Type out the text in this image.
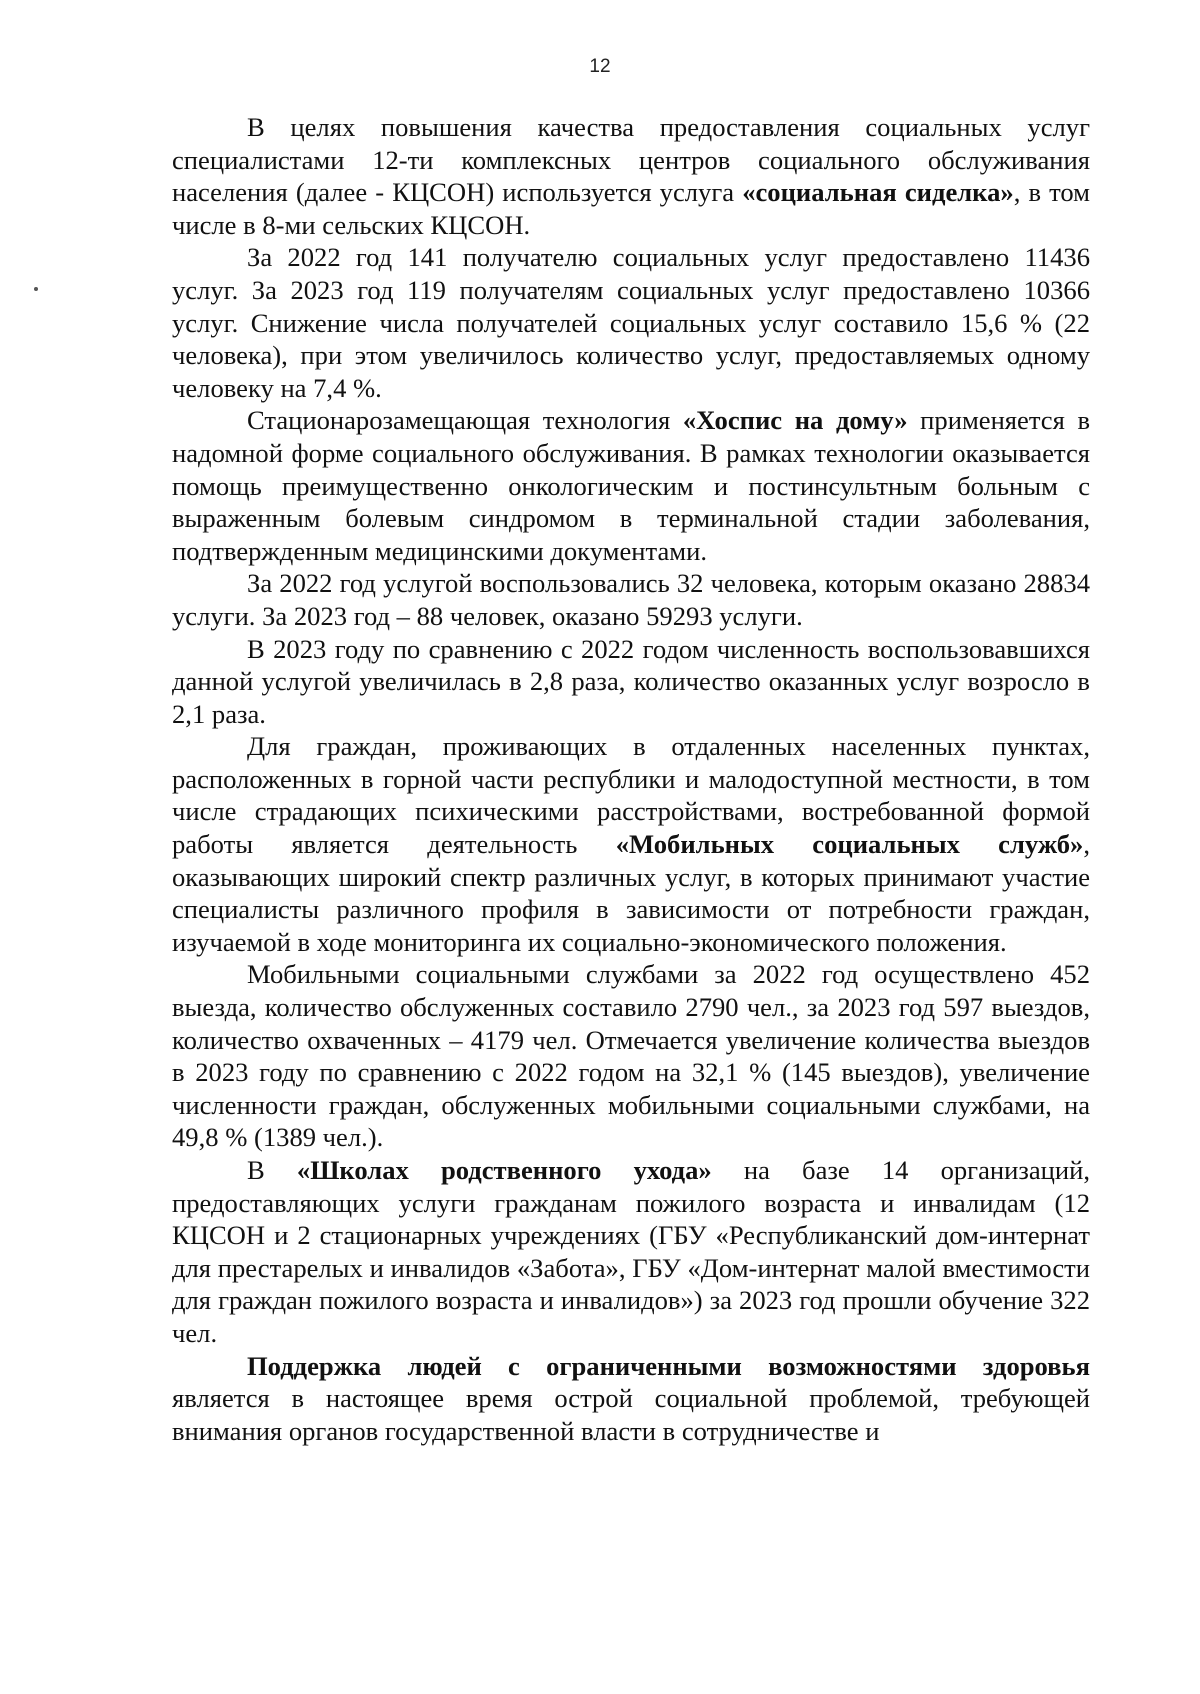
12

В целях повышения качества предоставления социальных услуг специалистами 12-ти комплексных центров социального обслуживания населения (далее - КЦСОН) используется услуга «социальная сиделка», в том числе в 8-ми сельских КЦСОН.

За 2022 год 141 получателю социальных услуг предоставлено 11436 услуг. За 2023 год 119 получателям социальных услуг предоставлено 10366 услуг. Снижение числа получателей социальных услуг составило 15,6 % (22 человека), при этом увеличилось количество услуг, предоставляемых одному человеку на 7,4 %.

Стационарозамещающая технология «Хоспис на дому» применяется в надомной форме социального обслуживания. В рамках технологии оказывается помощь преимущественно онкологическим и постинсультным больным с выраженным болевым синдромом в терминальной стадии заболевания, подтвержденным медицинскими документами.

За 2022 год услугой воспользовались 32 человека, которым оказано 28834 услуги. За 2023 год – 88 человек, оказано 59293 услуги.

В 2023 году по сравнению с 2022 годом численность воспользовавшихся данной услугой увеличилась в 2,8 раза, количество оказанных услуг возросло в 2,1 раза.

Для граждан, проживающих в отдаленных населенных пунктах, расположенных в горной части республики и малодоступной местности, в том числе страдающих психическими расстройствами, востребованной формой работы является деятельность «Мобильных социальных служб», оказывающих широкий спектр различных услуг, в которых принимают участие специалисты различного профиля в зависимости от потребности граждан, изучаемой в ходе мониторинга их социально-экономического положения.

Мобильными социальными службами за 2022 год осуществлено 452 выезда, количество обслуженных составило 2790 чел., за 2023 год 597 выездов, количество охваченных – 4179 чел. Отмечается увеличение количества выездов в 2023 году по сравнению с 2022 годом на 32,1 % (145 выездов), увеличение численности граждан, обслуженных мобильными социальными службами, на 49,8 % (1389 чел.).

В «Школах родственного ухода» на базе 14 организаций, предоставляющих услуги гражданам пожилого возраста и инвалидам (12 КЦСОН и 2 стационарных учреждениях (ГБУ «Республиканский дом-интернат для престарелых и инвалидов «Забота», ГБУ «Дом-интернат малой вместимости для граждан пожилого возраста и инвалидов») за 2023 год прошли обучение 322 чел.

Поддержка людей с ограниченными возможностями здоровья является в настоящее время острой социальной проблемой, требующей внимания органов государственной власти в сотрудничестве и
